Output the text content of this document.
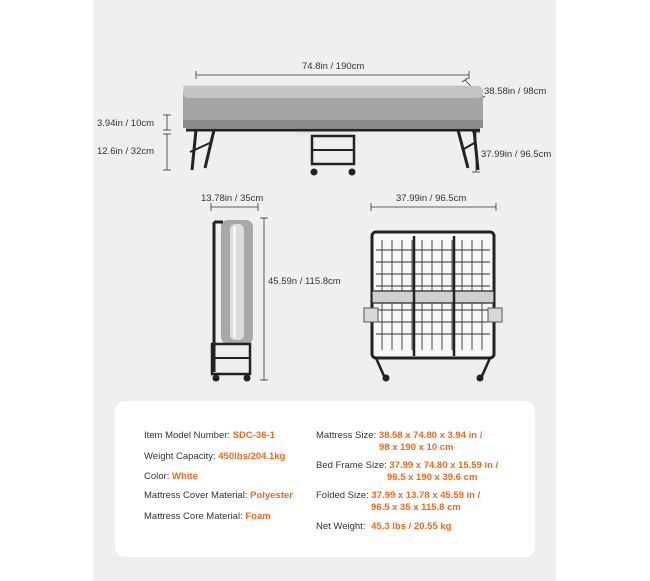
74.8in / 190cm
38.58in / 98cm
3.94in / 10cm
12.6in / 32cm	37.99in / 96.5cm
13.78in / 35cm
45.59n / 115.8cm
37.99in / 96.5cm
Item Model Number: SDC-36-1
Weight Capacity: 450lbs/204.1kg
Color: White
Mattress Cover Material: Polyester
Mattress Core Material: Foam
Mattress Size: 38.58 x 74.80 x 3.94 in /
98 x 190 x 10 cm
Bed Frame Size: 37.99 x 74.80 x 15.59 in /
96.5 x 190 x 39.6 cm
Folded Size: 37.99 x 13.78 x 45.59 in /
96.5 x 35 x 115.8 cm
Net Weight: 45.3 lbs / 20.55 kg
